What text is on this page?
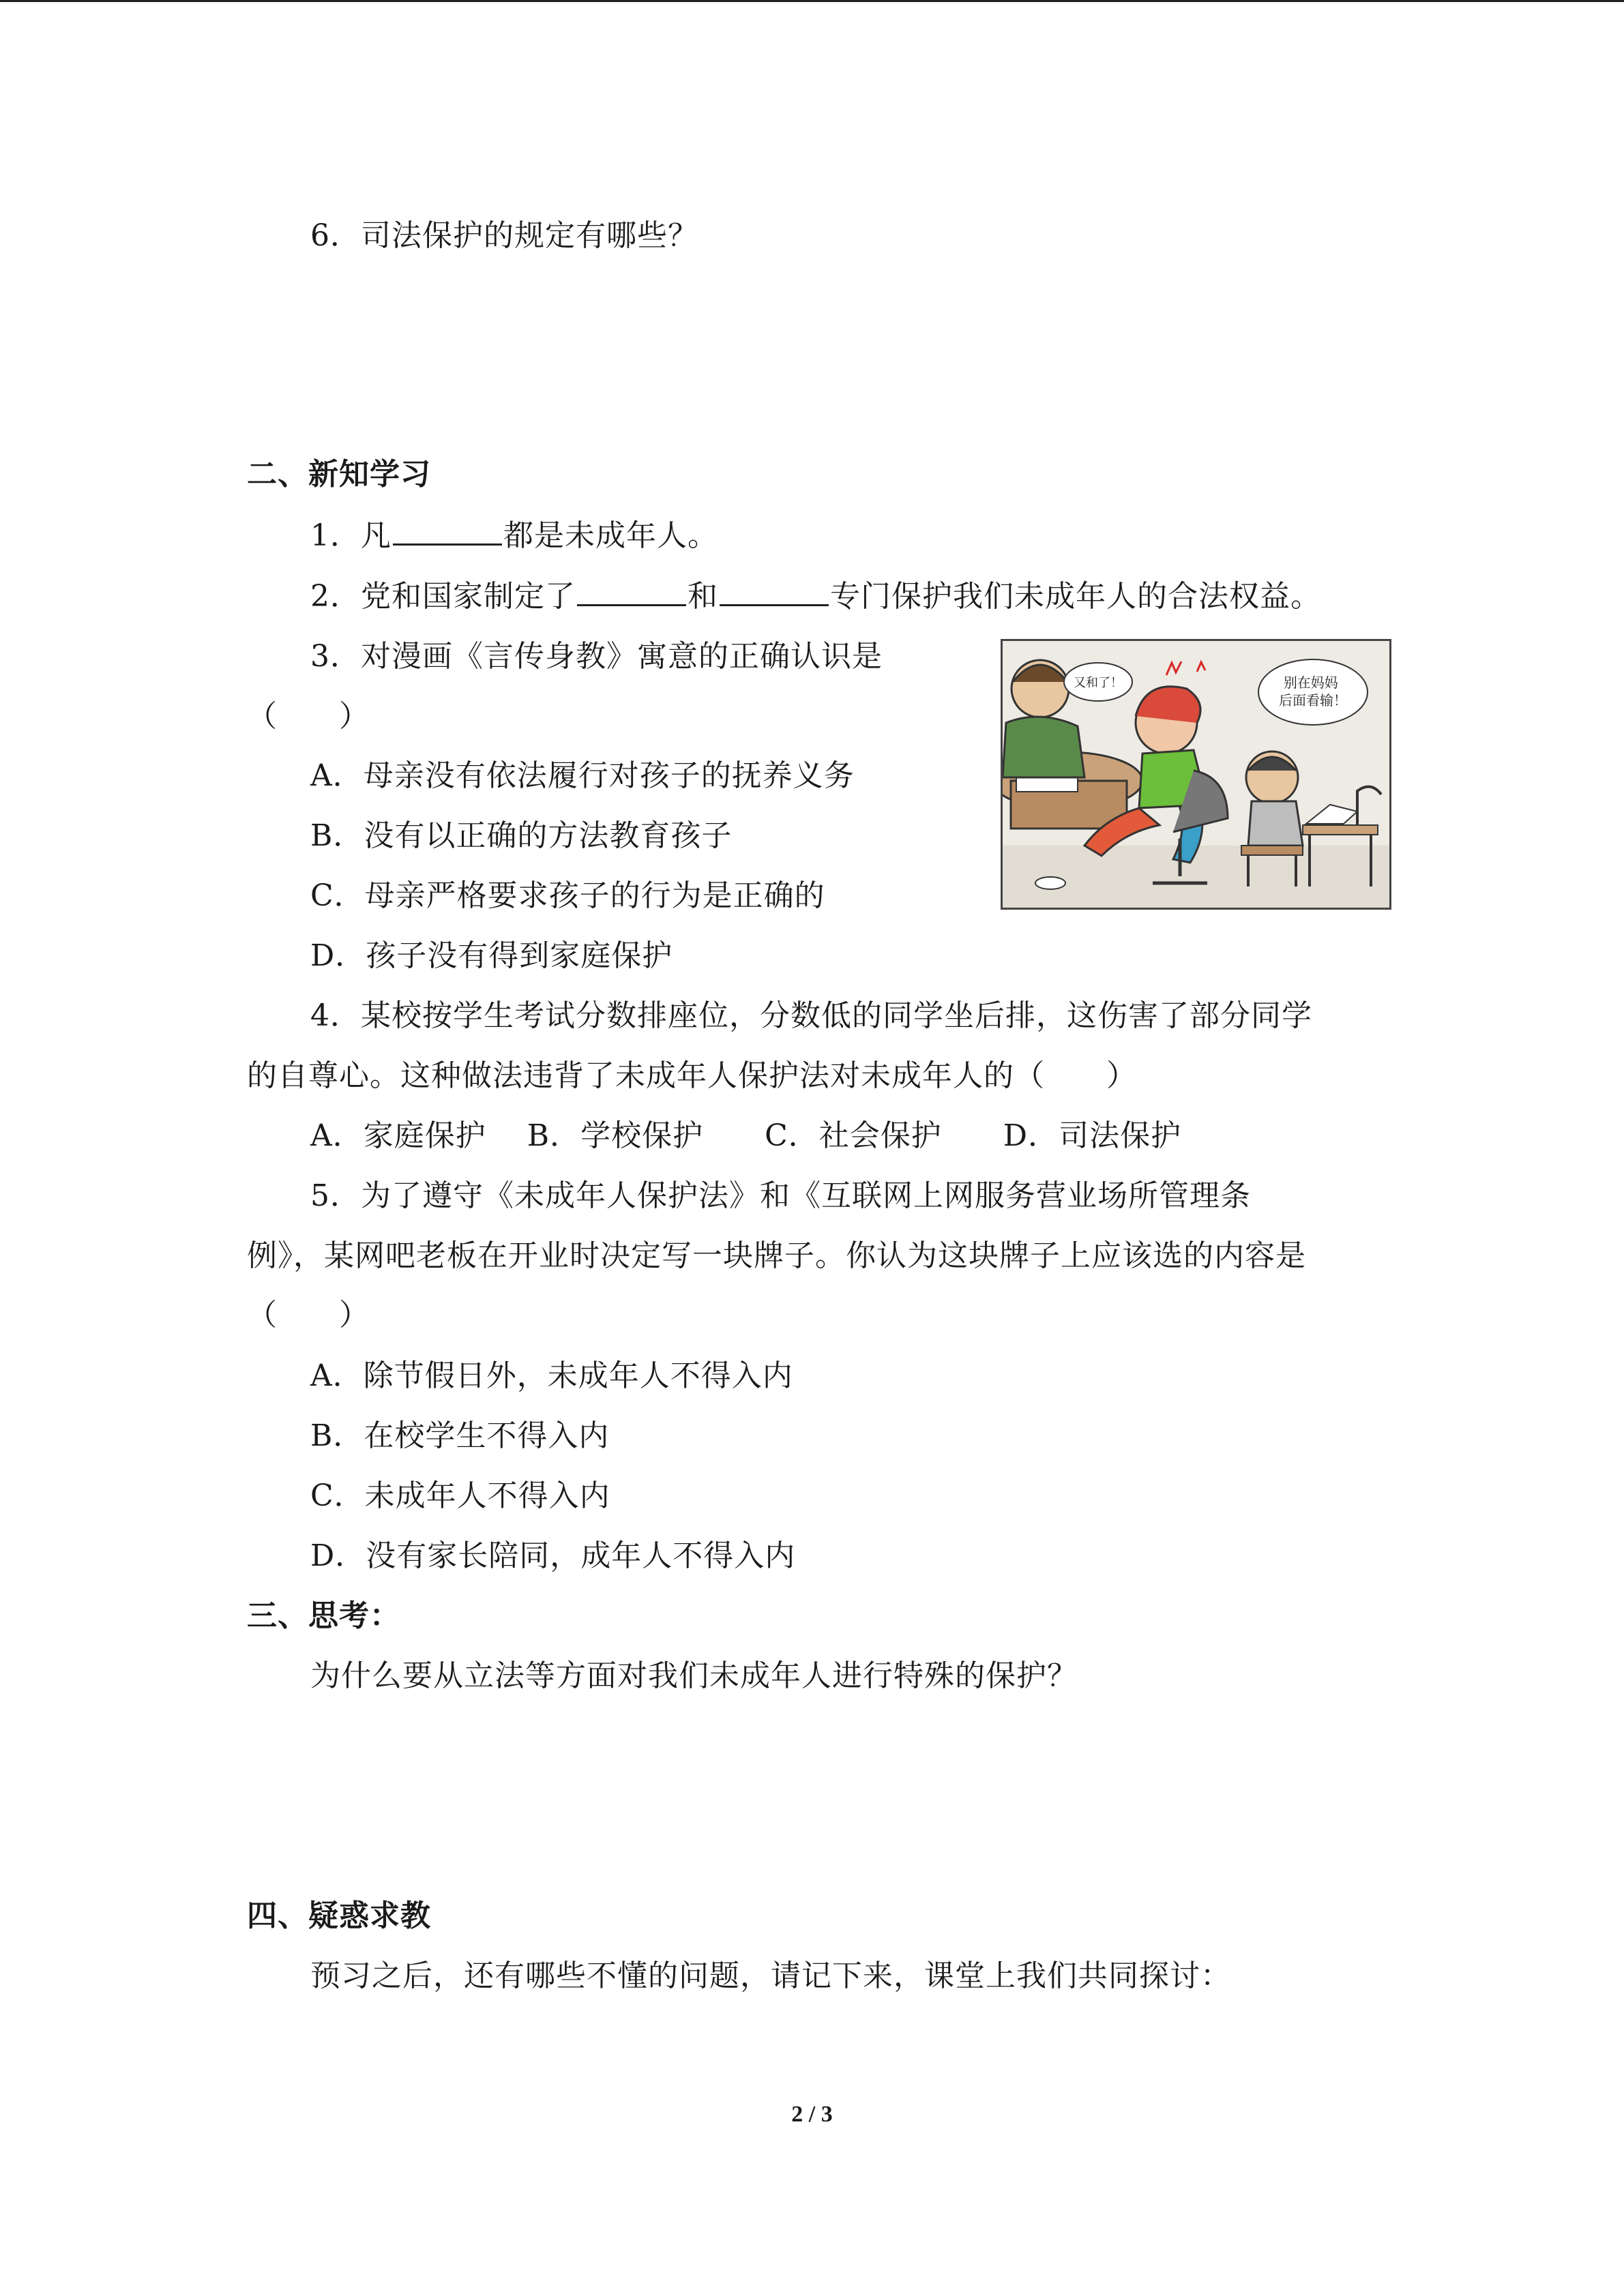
6．司法保护的规定有哪些？
二、新知学习
1．凡	都是未成年人。
2．党和国家制定了	和	专门保护我们未成年人的合法权益。
3．对漫画《言传身教》寓意的正确认识是
（　　）
A．母亲没有依法履行对孩子的抚养义务
B．没有以正确的方法教育孩子
C．母亲严格要求孩子的行为是正确的
D．孩子没有得到家庭保护
又和了！	别在妈妈 后面看输！
4．某校按学生考试分数排座位，分数低的同学坐后排，这伤害了部分同学
的自尊心。这种做法违背了未成年人保护法对未成年人的（　　）
A．家庭保护 B．学校保护 C．社会保护 D．司法保护
5．为了遵守《未成年人保护法》和《互联网上网服务营业场所管理条
例》，某网吧老板在开业时决定写一块牌子。你认为这块牌子上应该选的内容是
（　　）
A．除节假日外，未成年人不得入内
B．在校学生不得入内
C．未成年人不得入内
D．没有家长陪同，成年人不得入内
三、思考：
为什么要从立法等方面对我们未成年人进行特殊的保护？
四、疑惑求教
预习之后，还有哪些不懂的问题，请记下来，课堂上我们共同探讨：
2 / 3
